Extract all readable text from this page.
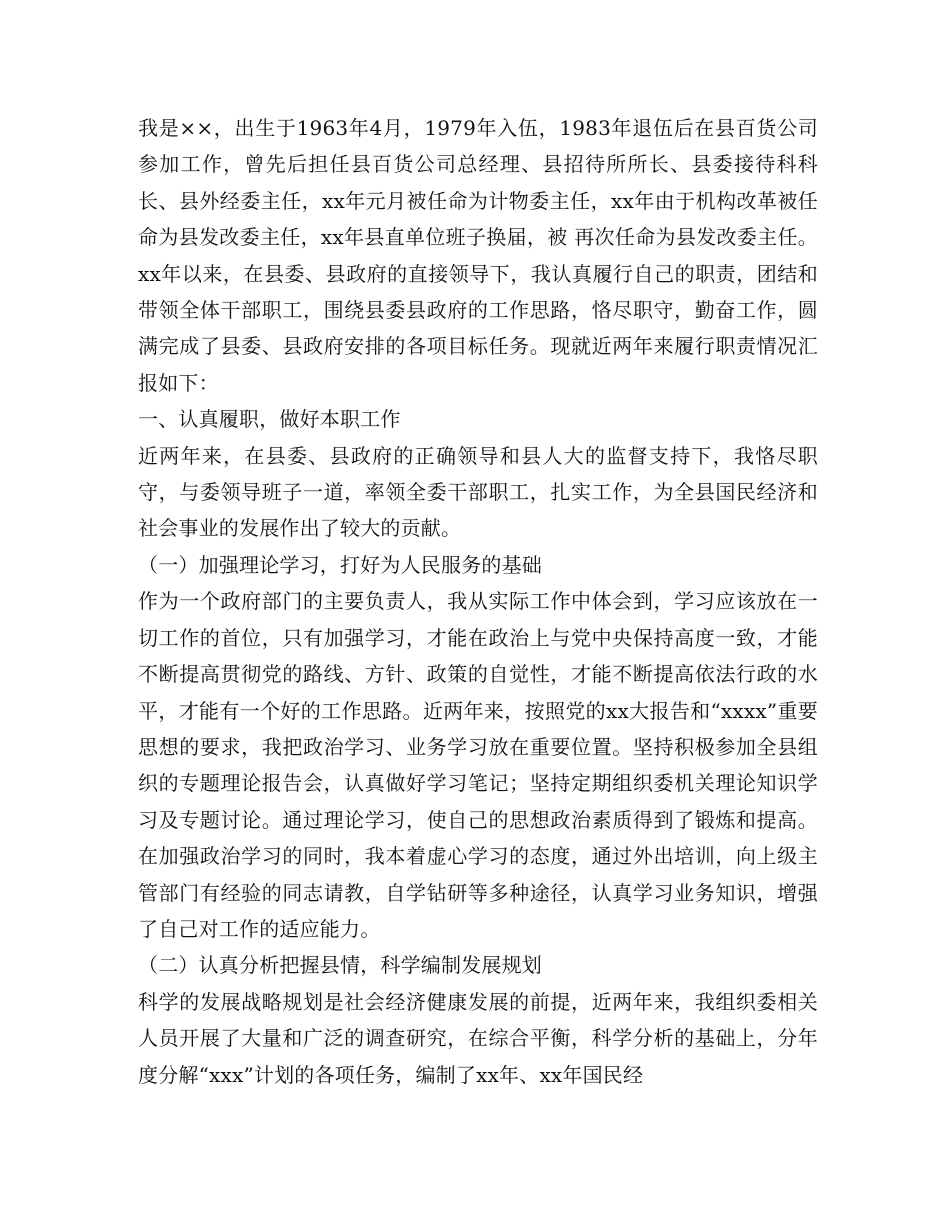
我是××，出生于1963年4月，1979年入伍，1983年退伍后在县百货公司参加工作，曾先后担任县百货公司总经理、县招待所所长、县委接待科科长、县外经委主任，xx年元月被任命为计物委主任，xx年由于机构改革被任命为县发改委主任，xx年县直单位班子换届，被 再次任命为县发改委主任。xx年以来，在县委、县政府的直接领导下，我认真履行自己的职责，团结和带领全体干部职工，围绕县委县政府的工作思路，恪尽职守，勤奋工作，圆满完成了县委、县政府安排的各项目标任务。现就近两年来履行职责情况汇报如下：

一、认真履职，做好本职工作

近两年来，在县委、县政府的正确领导和县人大的监督支持下，我恪尽职守，与委领导班子一道，率领全委干部职工，扎实工作，为全县国民经济和社会事业的发展作出了较大的贡献。

（一）加强理论学习，打好为人民服务的基础

作为一个政府部门的主要负责人，我从实际工作中体会到，学习应该放在一切工作的首位，只有加强学习，才能在政治上与党中央保持高度一致，才能不断提高贯彻党的路线、方针、政策的自觉性，才能不断提高依法行政的水平，才能有一个好的工作思路。近两年来，按照党的xx大报告和“xxxx”重要思想的要求，我把政治学习、业务学习放在重要位置。坚持积极参加全县组织的专题理论报告会，认真做好学习笔记；坚持定期组织委机关理论知识学习及专题讨论。通过理论学习，使自己的思想政治素质得到了锻炼和提高。在加强政治学习的同时，我本着虚心学习的态度，通过外出培训，向上级主管部门有经验的同志请教，自学钻研等多种途径，认真学习业务知识，增强了自己对工作的适应能力。

（二）认真分析把握县情，科学编制发展规划

科学的发展战略规划是社会经济健康发展的前提，近两年来，我组织委相关人员开展了大量和广泛的调查研究，在综合平衡，科学分析的基础上，分年度分解“xxx”计划的各项任务，编制了xx年、xx年国民经
